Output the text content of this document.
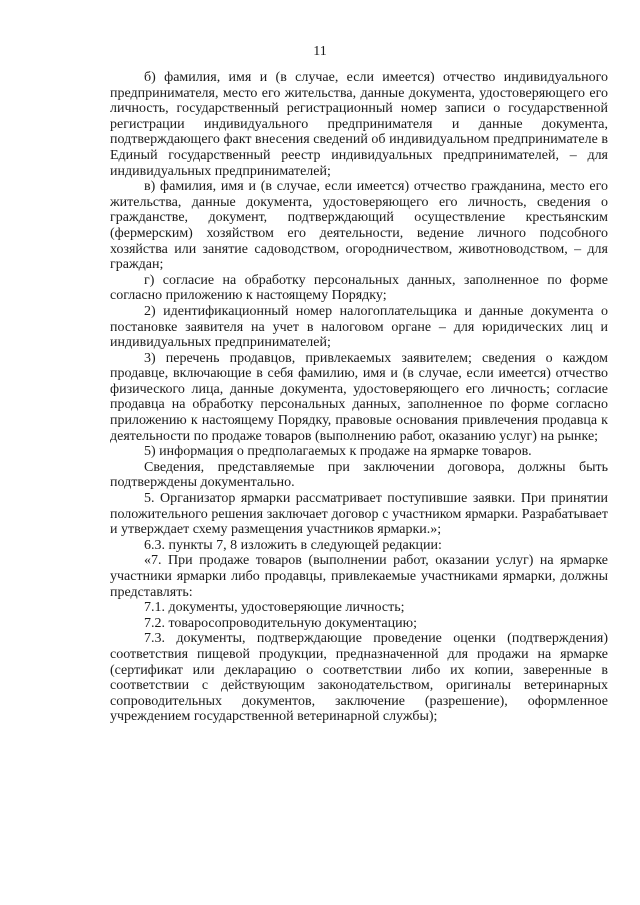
11

б) фамилия, имя и (в случае, если имеется) отчество индивидуального предпринимателя, место его жительства, данные документа, удостоверяющего его личность, государственный регистрационный номер записи о государственной регистрации индивидуального предпринимателя и данные документа, подтверждающего факт внесения сведений об индивидуальном предпринимателе в Единый государственный реестр индивидуальных предпринимателей, – для индивидуальных предпринимателей;

в) фамилия, имя и (в случае, если имеется) отчество гражданина, место его жительства, данные документа, удостоверяющего его личность, сведения о гражданстве, документ, подтверждающий осуществление крестьянским (фермерским) хозяйством его деятельности, ведение личного подсобного хозяйства или занятие садоводством, огородничеством, животноводством, – для граждан;

г) согласие на обработку персональных данных, заполненное по форме согласно приложению к настоящему Порядку;

2) идентификационный номер налогоплательщика и данные документа о постановке заявителя на учет в налоговом органе – для юридических лиц и индивидуальных предпринимателей;

3) перечень продавцов, привлекаемых заявителем; сведения о каждом продавце, включающие в себя фамилию, имя и (в случае, если имеется) отчество физического лица, данные документа, удостоверяющего его личность; согласие продавца на обработку персональных данных, заполненное по форме согласно приложению к настоящему Порядку, правовые основания привлечения продавца к деятельности по продаже товаров (выполнению работ, оказанию услуг) на рынке;

5) информация о предполагаемых к продаже на ярмарке товаров.

Сведения, представляемые при заключении договора, должны быть подтверждены документально.

5. Организатор ярмарки рассматривает поступившие заявки. При принятии положительного решения заключает договор с участником ярмарки. Разрабатывает и утверждает схему размещения участников ярмарки.»;

6.3. пункты 7, 8 изложить в следующей редакции:

«7. При продаже товаров (выполнении работ, оказании услуг) на ярмарке участники ярмарки либо продавцы, привлекаемые участниками ярмарки, должны представлять:

7.1. документы, удостоверяющие личность;

7.2. товаросопроводительную документацию;

7.3. документы, подтверждающие проведение оценки (подтверждения) соответствия пищевой продукции, предназначенной для продажи на ярмарке (сертификат или декларацию о соответствии либо их копии, заверенные в соответствии с действующим законодательством, оригиналы ветеринарных сопроводительных документов, заключение (разрешение), оформленное учреждением государственной ветеринарной службы);
